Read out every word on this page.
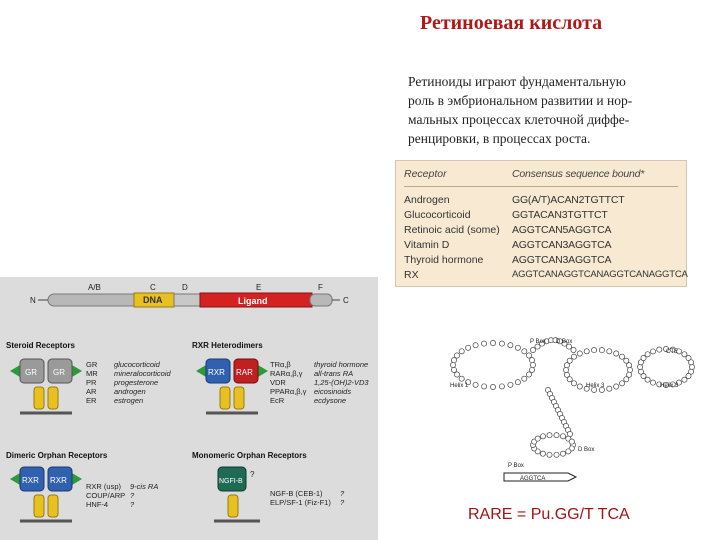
Ретиноевая кислота
Ретиноиды играют фундаментальную
роль в эмбриональном развитии и нор-
мальных процессах клеточной диффе-
ренцировки, в процессах роста.
Receptor	Consensus sequence bound*
Androgen	GG(A/T)ACAN2TGTTCT
Glucocorticoid	GGTACAN3TGTTCT
Retinoic acid (some) AGGTCAN5AGGTCA
Vitamin D	AGGTCAN3AGGTCA
Thyroid hormone	AGGTCAN3AGGTCA
RX	AGGTCANAGGTCANAGGTCANAGGTCA
A/B	C	D	E	F
N	C
DNA	Ligand
Steroid Receptors
GR GR
GR glucocorticoid
MR mineralocorticoid
PR progesterone
AR androgen
ER estrogen
RXR Heterodimers
RXR RAR
TRα,β	thyroid hormone
RARα,β,γ all-trans RA
VDR	1,25-(OH)2-VD3
PPARα,β,γ eicosinoids
EcR	ecdysone
Dimeric Orphan Receptors
RXR RXR
RXR (usp) 9-cis RA
COUP/ARP ?
HNF-4	?
Monomeric Orphan Receptors
NGFI-B
?
NGF-B (CEB-1) ?
ELP/SF-1 (Fiz-F1) ?
P Box D Box
CTE
Helix 1	Helix 3	Helix 3
D Box
P Box
AGGTCA
RARE = Pu.GG/T TCA
